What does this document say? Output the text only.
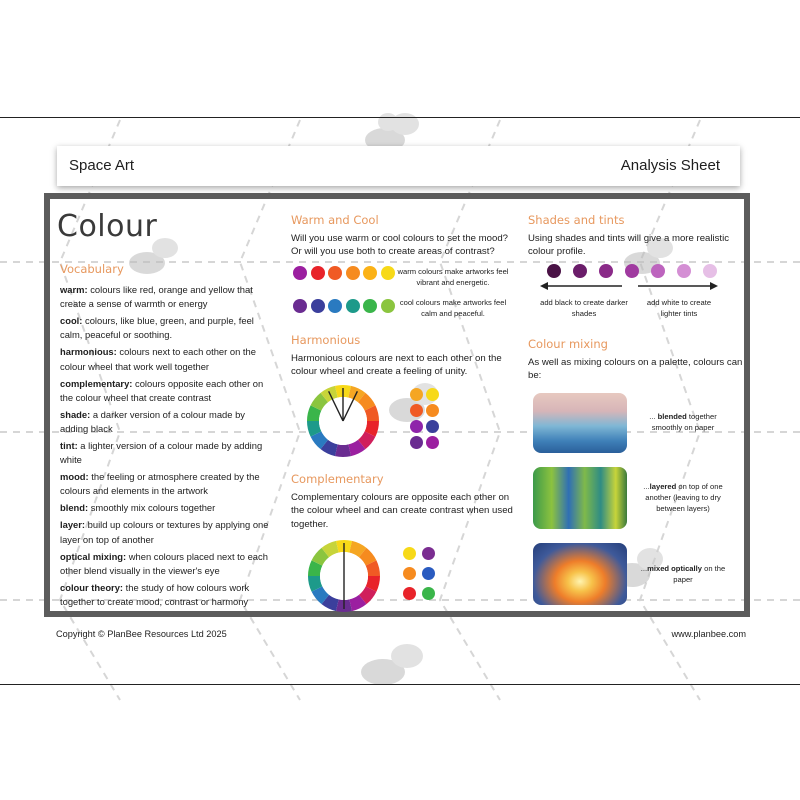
Space Art	Analysis Sheet
Colour
Vocabulary

warm: colours like red, orange and yellow that create a sense of warmth or energy

cool: colours, like blue, green, and purple, feel calm, peaceful or soothing.

harmonious: colours next to each other on the colour wheel that work well together

complementary: colours opposite each other on the colour wheel that create contrast

shade: a darker version of a colour made by adding black

tint: a lighter version of a colour made by adding white

mood: the feeling or atmosphere created by the colours and elements in the artwork

blend: smoothly mix colours together

layer: build up colours or textures by applying one layer on top of another

optical mixing: when colours placed next to each other blend visually in the viewer's eye

colour theory: the study of how colours work together to create mood, contrast or harmony

Warm and Cool
Will you use warm or cool colours to set the mood? Or will you use both to create areas of contrast?
warm colours make artworks feel vibrant and energetic.
cool colours make artworks feel calm and peaceful.
Harmonious
Harmonious colours are next to each other on the colour wheel and create a feeling of unity.
Complementary
Complementary colours are opposite each other on the colour wheel and can create contrast when used together.
Shades and tints
Using shades and tints will give a more realistic colour profile.
add black to create darker shades
add white to create lighter tints
Colour mixing
As well as mixing colours on a palette, colours can be:
... blended together smoothly on paper
...layered on top of one another (leaving to dry between layers)
...mixed optically on the paper
Copyright © PlanBee Resources Ltd 2025	www.planbee.com
